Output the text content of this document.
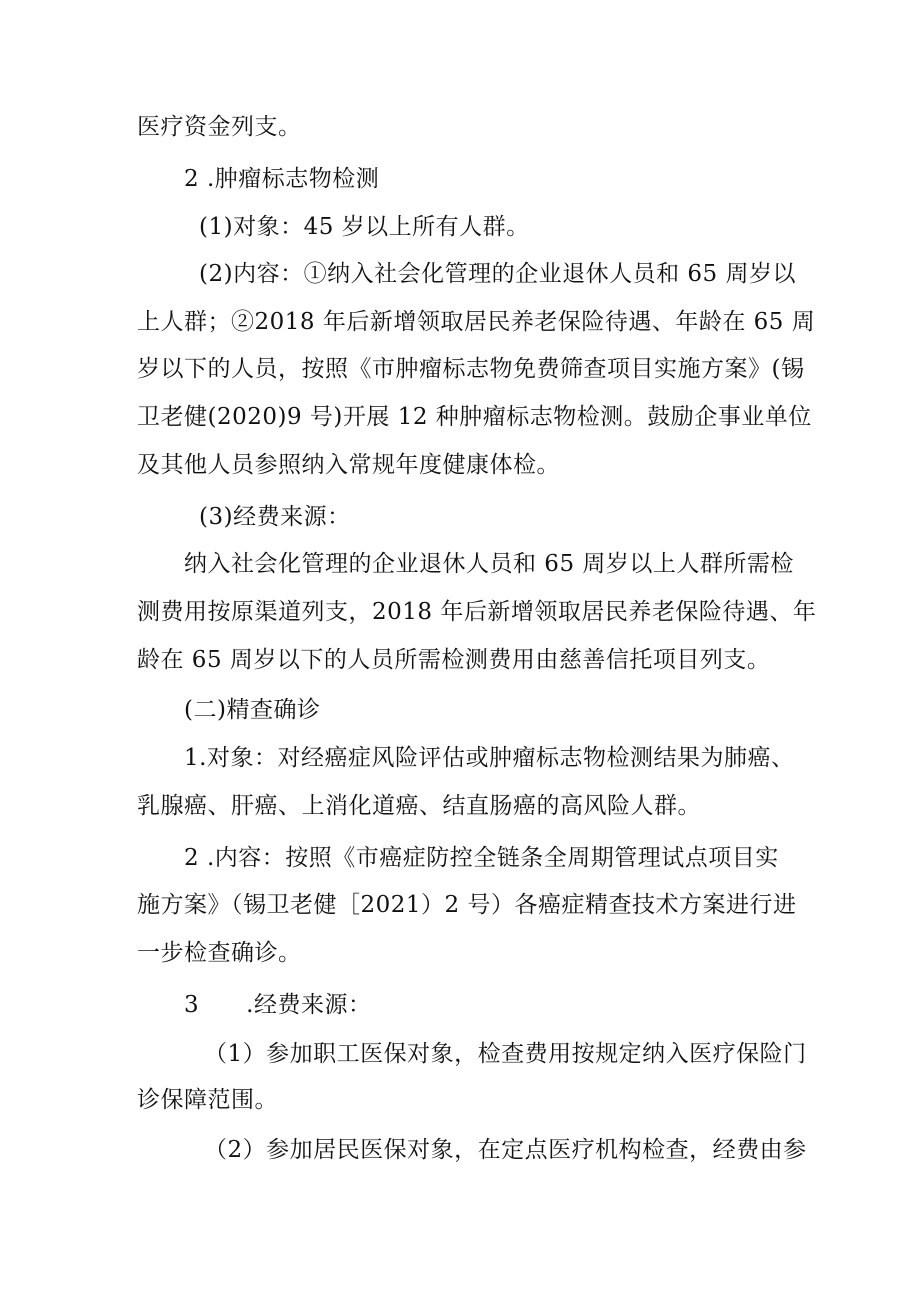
医疗资金列支。
2 .肿瘤标志物检测
(1)对象：45 岁以上所有人群。
(2)内容：①纳入社会化管理的企业退休人员和 65 周岁以
上人群；②2018 年后新增领取居民养老保险待遇、年龄在 65 周
岁以下的人员，按照《市肿瘤标志物免费筛查项目实施方案》(锡
卫老健(2020)9 号)开展 12 种肿瘤标志物检测。鼓励企事业单位
及其他人员参照纳入常规年度健康体检。
(3)经费来源：
纳入社会化管理的企业退休人员和 65 周岁以上人群所需检
测费用按原渠道列支，2018 年后新增领取居民养老保险待遇、年
龄在 65 周岁以下的人员所需检测费用由慈善信托项目列支。
(二)精查确诊
1.对象：对经癌症风险评估或肿瘤标志物检测结果为肺癌、
乳腺癌、肝癌、上消化道癌、结直肠癌的高风险人群。
2 .内容：按照《市癌症防控全链条全周期管理试点项目实
施方案》（锡卫老健［2021）2 号）各癌症精查技术方案进行进
一步检查确诊。
3　　.经费来源：
（1）参加职工医保对象，检查费用按规定纳入医疗保险门
诊保障范围。
（2）参加居民医保对象，在定点医疗机构检查，经费由参
